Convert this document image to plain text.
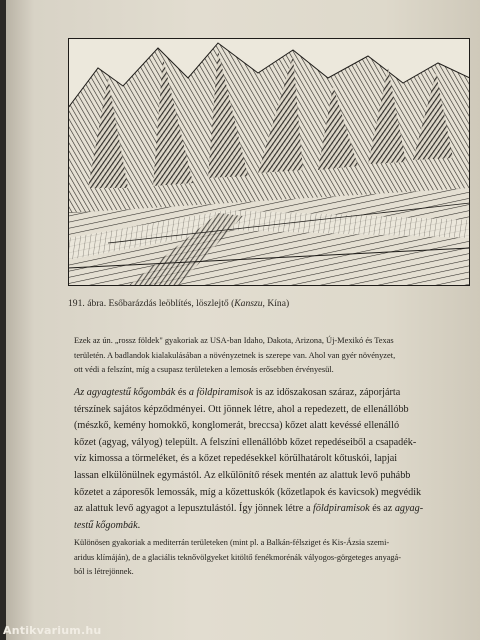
191. ábra. Esőbarázdás leöblítés, löszlejtő (Kanszu, Kína)
Ezek az ún. „rossz földek" gyakoriak az USA-ban Idaho, Dakota, Arizona, Új-Mexikó és Texas
területén. A badlandok kialakulásában a növényzetnek is szerepe van. Ahol van gyér növényzet,
ott védi a felszínt, míg a csupasz területeken a lemosás erősebben érvényesül.
Az agyagtestű kőgombák és a földpiramisok is az időszakosan száraz, záporjárta
térszínek sajátos képződményei. Ott jönnek létre, ahol a repedezett, de ellenállóbb
(mészkő, kemény homokkő, konglomerát, breccsa) kőzet alatt kevéssé ellenálló
kőzet (agyag, vályog) települt. A felszíni ellenállóbb kőzet repedéseiből a csapadék-
víz kimossa a törmeléket, és a kőzet repedésekkel körülhatárolt kőtuskói, lapjai
lassan elkülönülnek egymástól. Az elkülönítő rések mentén az alattuk levő puhább
kőzetet a záporesők lemossák, míg a kőzettuskók (kőzetlapok és kavicsok) megvédik
az alattuk levő agyagot a lepusztulástól. Így jönnek létre a földpiramisok és az agyag-
testű kőgombák.
Különösen gyakoriak a mediterrán területeken (mint pl. a Balkán-félsziget és Kis-Ázsia szemi-
aridus klímáján), de a glaciális teknővölgyeket kitöltő fenékmorénák vályogos-görgeteges anyagá-
ból is létrejönnek.
Antikvarium.hu
